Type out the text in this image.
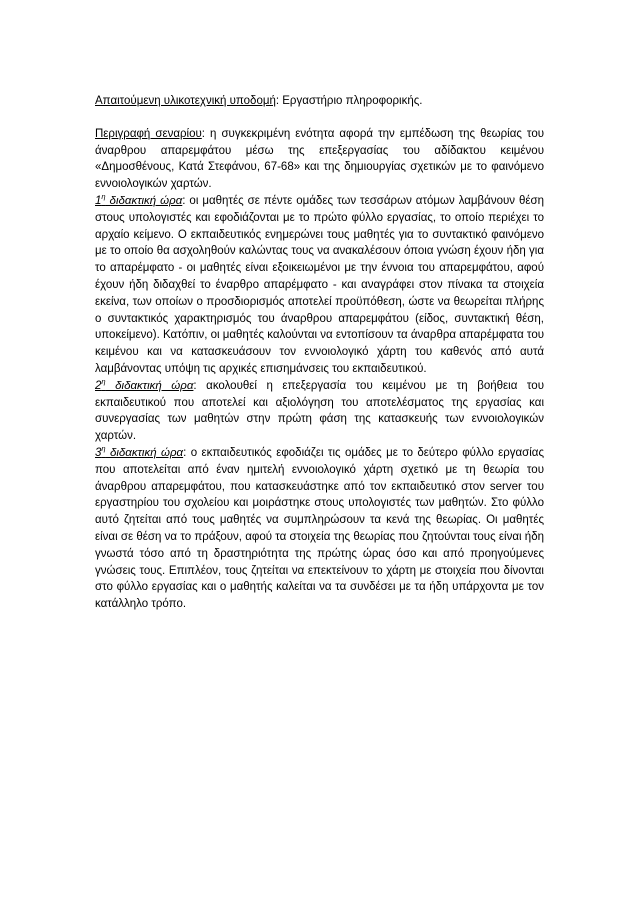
Απαιτούμενη υλικοτεχνική υποδομή: Εργαστήριο πληροφορικής.

Περιγραφή σεναρίου: η συγκεκριμένη ενότητα αφορά την εμπέδωση της θεωρίας του άναρθρου απαρεμφάτου μέσω της επεξεργασίας του αδίδακτου κειμένου «Δημοσθένους, Κατά Στεφάνου, 67-68» και της δημιουργίας σχετικών με το φαινόμενο εννοιολογικών χαρτών.

$1^\eta$ διδακτική ώρα: οι μαθητές σε πέντε ομάδες των τεσσάρων ατόμων λαμβάνουν θέση στους υπολογιστές και εφοδιάζονται με το πρώτο φύλλο εργασίας, το οποίο περιέχει το αρχαίο κείμενο. Ο εκπαιδευτικός ενημερώνει τους μαθητές για το συντακτικό φαινόμενο με το οποίο θα ασχοληθούν καλώντας τους να ανακαλέσουν όποια γνώση έχουν ήδη για το απαρέμφατο - οι μαθητές είναι εξοικειωμένοι με την έννοια του απαρεμφάτου, αφού έχουν ήδη διδαχθεί το έναρθρο απαρέμφατο - και αναγράφει στον πίνακα τα στοιχεία εκείνα, των οποίων ο προσδιορισμός αποτελεί προϋπόθεση, ώστε να θεωρείται πλήρης ο συντακτικός χαρακτηρισμός του άναρθρου απαρεμφάτου (είδος, συντακτική θέση, υποκείμενο). Κατόπιν, οι μαθητές καλούνται να εντοπίσουν τα άναρθρα απαρέμφατα του κειμένου και να κατασκευάσουν τον εννοιολογικό χάρτη του καθενός από αυτά λαμβάνοντας υπόψη τις αρχικές επισημάνσεις του εκπαιδευτικού.

$2^\eta$ διδακτική ώρα: ακολουθεί η επεξεργασία του κειμένου με τη βοήθεια του εκπαιδευτικού που αποτελεί και αξιολόγηση του αποτελέσματος της εργασίας και συνεργασίας των μαθητών στην πρώτη φάση της κατασκευής των εννοιολογικών χαρτών.

$3^\eta$ διδακτική ώρα: ο εκπαιδευτικός εφοδιάζει τις ομάδες με το δεύτερο φύλλο εργασίας που αποτελείται από έναν ημιτελή εννοιολογικό χάρτη σχετικό με τη θεωρία του άναρθρου απαρεμφάτου, που κατασκευάστηκε από τον εκπαιδευτικό στον server του εργαστηρίου του σχολείου και μοιράστηκε στους υπολογιστές των μαθητών. Στο φύλλο αυτό ζητείται από τους μαθητές να συμπληρώσουν τα κενά της θεωρίας. Οι μαθητές είναι σε θέση να το πράξουν, αφού τα στοιχεία της θεωρίας που ζητούνται τους είναι ήδη γνωστά τόσο από τη δραστηριότητα της πρώτης ώρας όσο και από προηγούμενες γνώσεις τους. Επιπλέον, τους ζητείται να επεκτείνουν το χάρτη με στοιχεία που δίνονται στο φύλλο εργασίας και ο μαθητής καλείται να τα συνδέσει με τα ήδη υπάρχοντα με τον κατάλληλο τρόπο.
